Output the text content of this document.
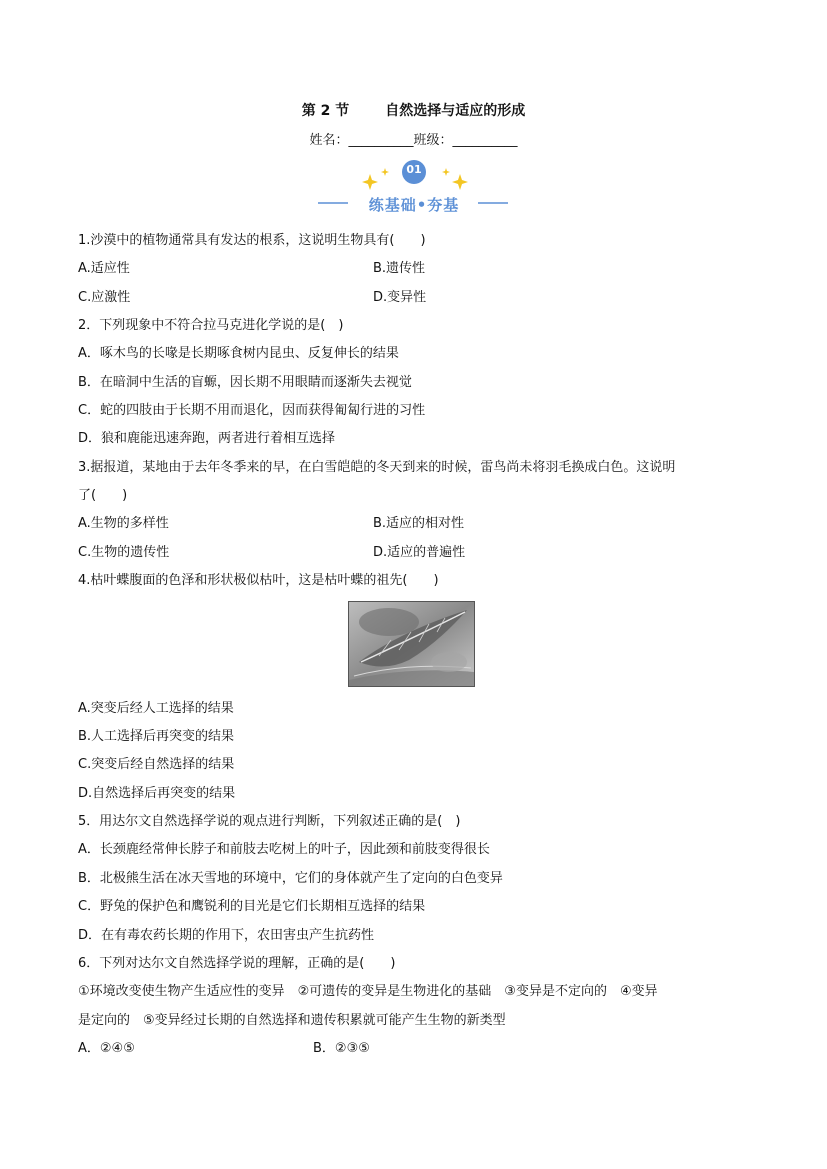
第 2 节	自然选择与适应的形成
姓名：__________班级：__________
01
练基础•夯基
1.沙漠中的植物通常具有发达的根系，这说明生物具有(　　)
A.适应性	B.遗传性
C.应激性	D.变异性
2．下列现象中不符合拉马克进化学说的是(　)
A．啄木鸟的长喙是长期啄食树内昆虫、反复伸长的结果
B．在暗洞中生活的盲螈，因长期不用眼睛而逐渐失去视觉
C．蛇的四肢由于长期不用而退化，因而获得匍匐行进的习性
D．狼和鹿能迅速奔跑，两者进行着相互选择
3.据报道，某地由于去年冬季来的早，在白雪皑皑的冬天到来的时候，雷鸟尚未将羽毛换成白色。这说明
了(　　)
A.生物的多样性	B.适应的相对性
C.生物的遗传性	D.适应的普遍性
4.枯叶蝶腹面的色泽和形状极似枯叶，这是枯叶蝶的祖先(　　)
A.突变后经人工选择的结果
B.人工选择后再突变的结果
C.突变后经自然选择的结果
D.自然选择后再突变的结果
5．用达尔文自然选择学说的观点进行判断，下列叙述正确的是(　)
A．长颈鹿经常伸长脖子和前肢去吃树上的叶子，因此颈和前肢变得很长
B．北极熊生活在冰天雪地的环境中，它们的身体就产生了定向的白色变异
C．野兔的保护色和鹰锐利的目光是它们长期相互选择的结果
D．在有毒农药长期的作用下，农田害虫产生抗药性
6．下列对达尔文自然选择学说的理解，正确的是(　　)
①环境改变使生物产生适应性的变异　②可遗传的变异是生物进化的基础　③变异是不定向的　④变异
是定向的　⑤变异经过长期的自然选择和遗传积累就可能产生生物的新类型
A．②④⑤	B．②③⑤
